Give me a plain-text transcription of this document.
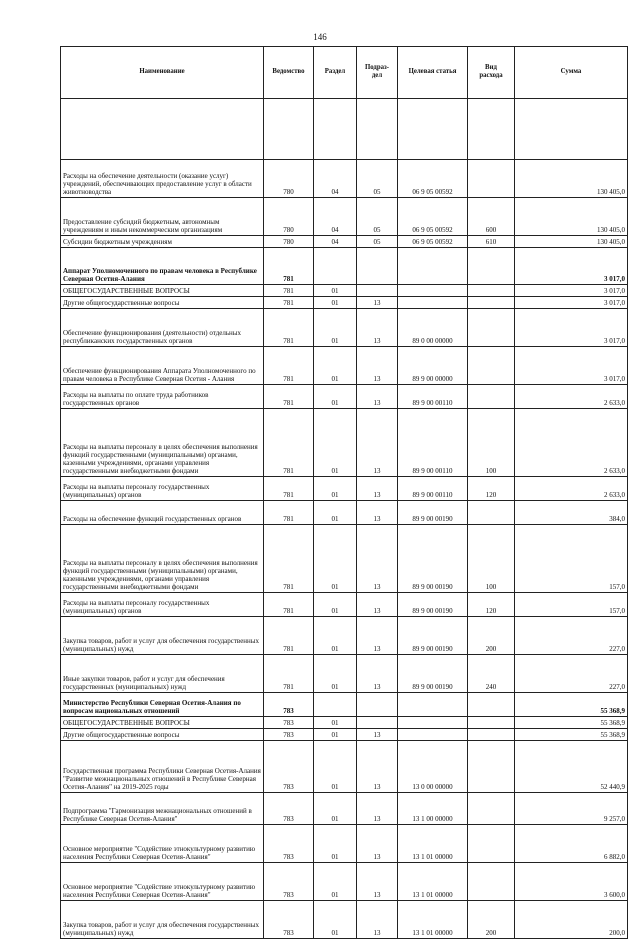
146
Наименование	Ведомство	Раздел	Подраз-
дел	Целевая статья	Вид
расхода	Сумма

Расходы на обеспечение деятельности (оказание услуг) учреждений, обеспечивающих предоставление услуг в области животноводства	780	04	05	06 9 05 00592		130 405,0
Предоставление субсидий бюджетным, автономным учреждениям и иным некоммерческим организациям	780	04	05	06 9 05 00592	600	130 405,0
Субсидии бюджетным учреждениям	780	04	05	06 9 05 00592	610	130 405,0
Аппарат Уполномоченного по правам человека в Республике Северная Осетия-Алания	781					3 017,0
ОБЩЕГОСУДАРСТВЕННЫЕ ВОПРОСЫ	781	01				3 017,0
Другие общегосударственные вопросы	781	01	13			3 017,0
Обеспечение функционирования (деятельности) отдельных республиканских государственных органов	781	01	13	89 0 00 00000		3 017,0
Обеспечение функционирования Аппарата Уполномоченного по правам человека в Республике Северная Осетия - Алания	781	01	13	89 9 00 00000		3 017,0
Расходы на выплаты по оплате труда работников государственных органов	781	01	13	89 9 00 00110		2 633,0
Расходы на выплаты персоналу в целях обеспечения выполнения функций государственными (муниципальными) органами, казенными учреждениями, органами управления государственными внебюджетными фондами	781	01	13	89 9 00 00110	100	2 633,0
Расходы на выплаты персоналу государственных (муниципальных) органов	781	01	13	89 9 00 00110	120	2 633,0
Расходы на обеспечение функций государственных органов	781	01	13	89 9 00 00190		384,0
Расходы на выплаты персоналу в целях обеспечения выполнения функций государственными (муниципальными) органами, казенными учреждениями, органами управления государственными внебюджетными фондами	781	01	13	89 9 00 00190	100	157,0
Расходы на выплаты персоналу государственных (муниципальных) органов	781	01	13	89 9 00 00190	120	157,0
Закупка товаров, работ и услуг для обеспечения государственных (муниципальных) нужд	781	01	13	89 9 00 00190	200	227,0
Иные закупки товаров, работ и услуг для обеспечения государственных (муниципальных) нужд	781	01	13	89 9 00 00190	240	227,0
Министерство Республики Северная Осетия-Алания по вопросам национальных отношений	783					55 368,9
ОБЩЕГОСУДАРСТВЕННЫЕ ВОПРОСЫ	783	01				55 368,9
Другие общегосударственные вопросы	783	01	13			55 368,9
Государственная программа Республики Северная Осетия-Алания "Развитие межнациональных отношений в Республике Северная Осетия-Алания" на 2019-2025 годы	783	01	13	13 0 00 00000		52 440,9
Подпрограмма "Гармонизация межнациональных отношений в Республике Северная Осетия-Алания"	783	01	13	13 1 00 00000		9 257,0
Основное мероприятие "Содействие этнокультурному развитию населения Республики Северная Осетия-Алания"	783	01	13	13 1 01 00000		6 882,0
Основное мероприятие "Содействие этнокультурному развитию населения Республики Северная Осетия-Алания"	783	01	13	13 1 01 00000		3 600,0
Закупка товаров, работ и услуг для обеспечения государственных (муниципальных) нужд	783	01	13	13 1 01 00000	200	200,0
